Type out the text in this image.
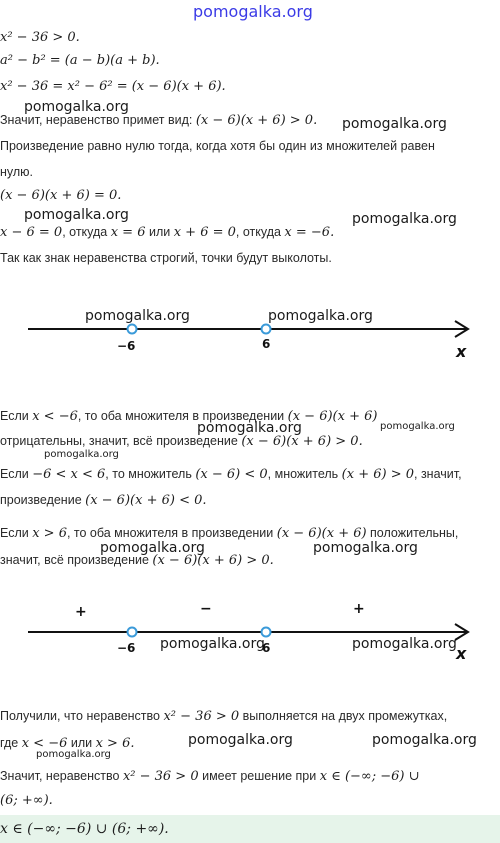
pomogalka.org
x² − 36 > 0.
a² − b² = (a − b)(a + b).
x² − 36 = x² − 6² = (x − 6)(x + 6).
pomogalka.org
Значит, неравенство примет вид: (x − 6)(x + 6) > 0. pomogalka.org
Произведение равно нулю тогда, когда хотя бы один из множителей равен
нулю.
(x − 6)(x + 6) = 0.
pomogalka.org	pomogalka.org
x − 6 = 0, откуда x = 6 или x + 6 = 0, откуда x = −6.
Так как знак неравенства строгий, точки будут выколоты.
pomogalka.org	pomogalka.org
−6	6	x
Если x < −6, то оба множителя в произведении (x − 6)(x + 6)
pomogalka.org	pomogalka.org
отрицательны, значит, всё произведение (x − 6)(x + 6) > 0.
pomogalka.org
Если −6 < x < 6, то множитель (x − 6) < 0, множитель (x + 6) > 0, значит,
произведение (x − 6)(x + 6) < 0.
Если x > 6, то оба множителя в произведении (x − 6)(x + 6) положительны,
pomogalka.org	pomogalka.org
значит, всё произведение (x − 6)(x + 6) > 0.
+	−	+
−6 pomogalka.org
6	pomogalka.org x
Получили, что неравенство x² − 36 > 0 выполняется на двух промежутках,
где x < −6 или x > 6.	pomogalka.org	pomogalka.org
pomogalka.org
Значит, неравенство x² − 36 > 0 имеет решение при x ∈ (−∞; −6) ∪
(6; +∞).
x ∈ (−∞; −6) ∪ (6; +∞).
